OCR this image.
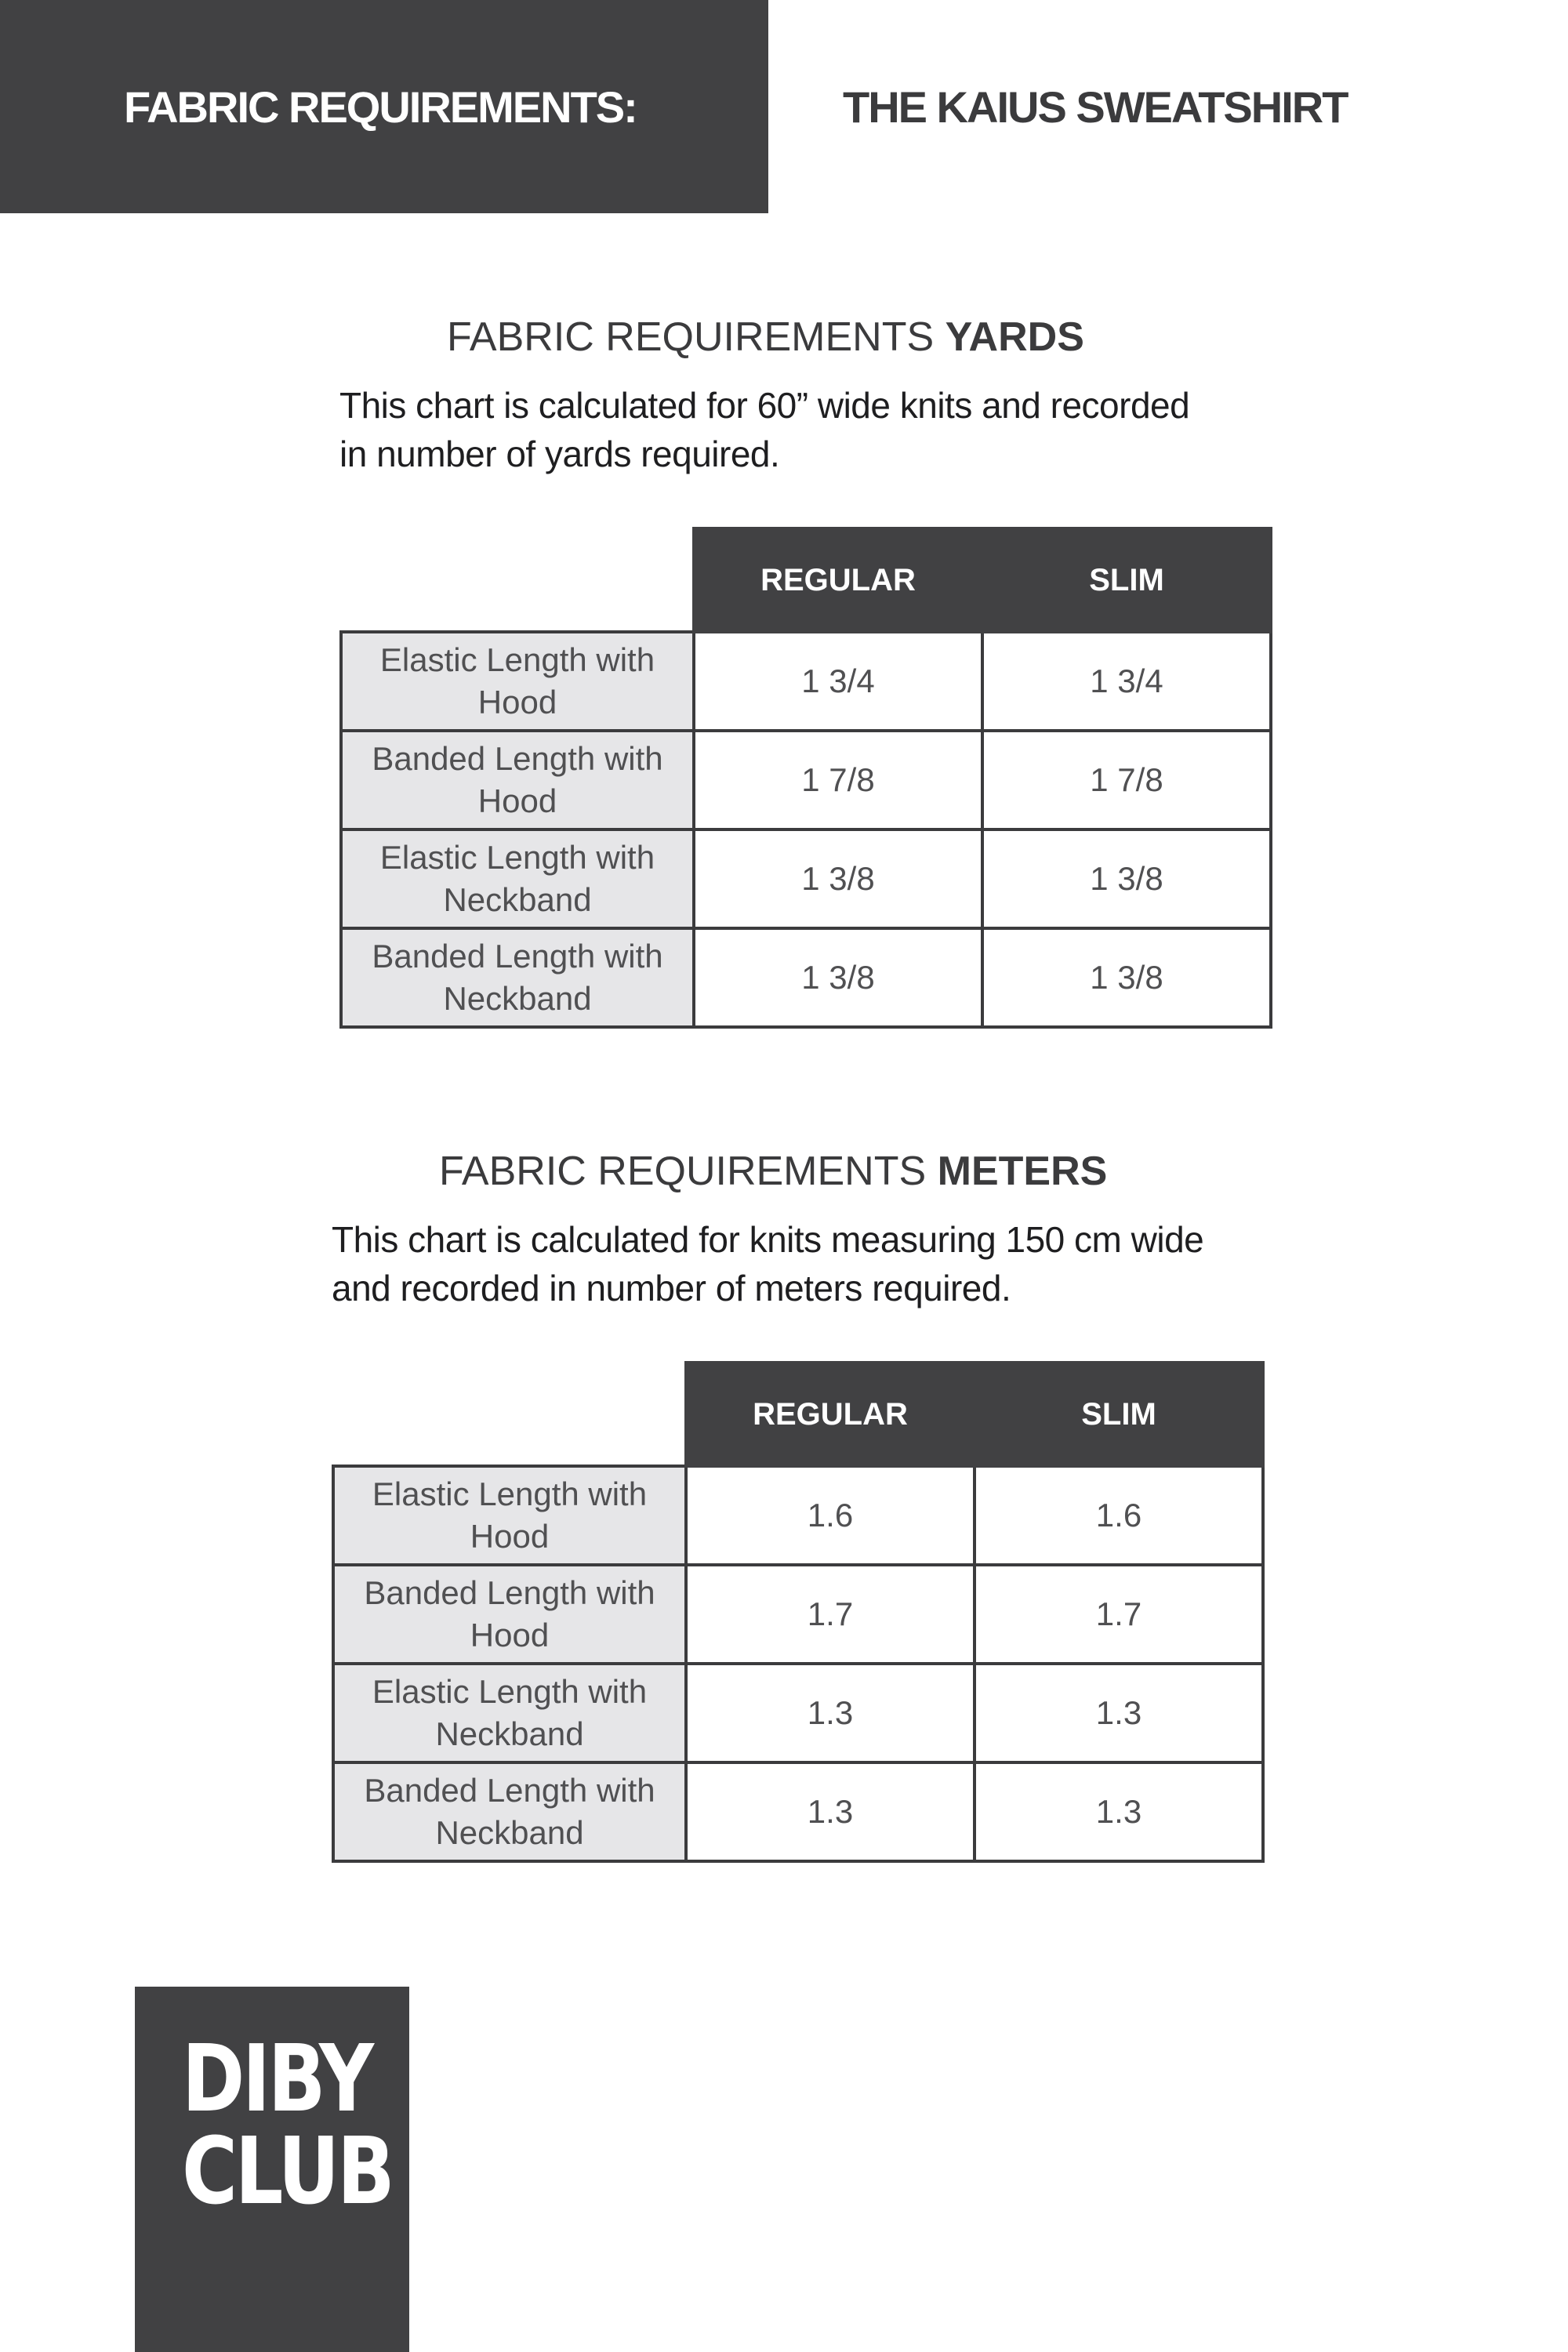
FABRIC REQUIREMENTS:	THE KAIUS SWEATSHIRT
FABRIC REQUIREMENTS YARDS

This chart is calculated for 60” wide knits and recorded
in number of yards required.

	REGULAR	SLIM

Elastic Length with
Hood	1 3/4	1 3/4

Banded Length with
Hood	1 7/8	1 7/8

Elastic Length with
Neckband	1 3/8	1 3/8

Banded Length with
Neckband	1 3/8	1 3/8
FABRIC REQUIREMENTS METERS

This chart is calculated for knits measuring 150 cm wide
and recorded in number of meters required.

	REGULAR	SLIM

Elastic Length with
Hood	1.6	1.6

Banded Length with
Hood	1.7	1.7

Elastic Length with
Neckband	1.3	1.3

Banded Length with
Neckband	1.3	1.3

DIBY
CLUB
